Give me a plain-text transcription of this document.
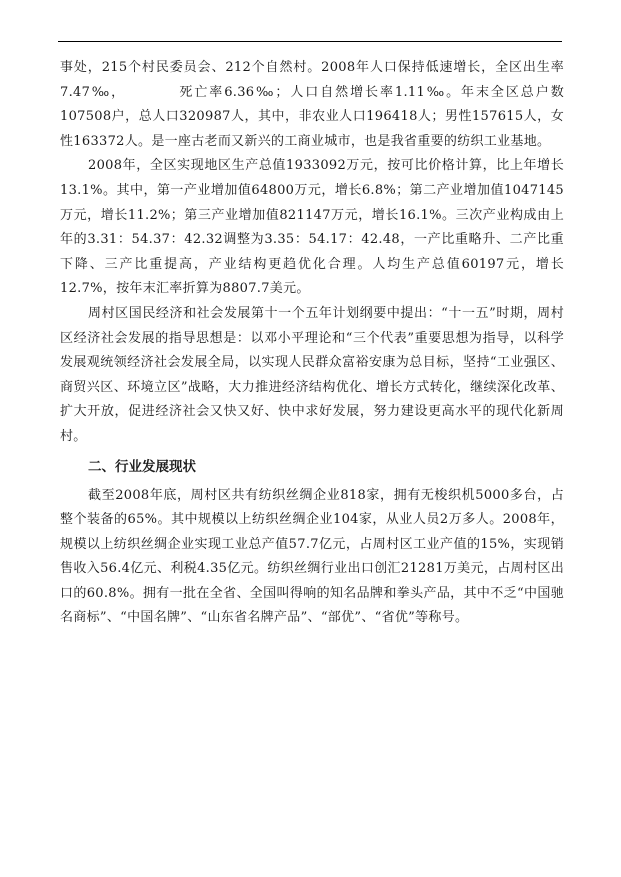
事处，215个村民委员会、212个自然村。2008年人口保持低速增长，全区出生率7.47‰，　　　　死亡率6.36‰；人口自然增长率1.11‰。年末全区总户数107508户，总人口320987人，其中，非农业人口196418人；男性157615人，女性163372人。是一座古老而又新兴的工商业城市，也是我省重要的纺织工业基地。

2008年，全区实现地区生产总值1933092万元，按可比价格计算，比上年增长13.1%。其中，第一产业增加值64800万元，增长6.8%；第二产业增加值1047145万元，增长11.2%；第三产业增加值821147万元，增长16.1%。三次产业构成由上年的3.31：54.37：42.32调整为3.35：54.17：42.48，一产比重略升、二产比重下降、三产比重提高，产业结构更趋优化合理。人均生产总值60197元，增长12.7%，按年末汇率折算为8807.7美元。

周村区国民经济和社会发展第十一个五年计划纲要中提出：“十一五”时期，周村区经济社会发展的指导思想是：以邓小平理论和“三个代表”重要思想为指导，以科学发展观统领经济社会发展全局，以实现人民群众富裕安康为总目标，坚持“工业强区、商贸兴区、环境立区”战略，大力推进经济结构优化、增长方式转化，继续深化改革、扩大开放，促进经济社会又快又好、快中求好发展，努力建设更高水平的现代化新周村。

二、行业发展现状

截至2008年底，周村区共有纺织丝绸企业818家，拥有无梭织机5000多台，占整个装备的65%。其中规模以上纺织丝绸企业104家，从业人员2万多人。2008年，规模以上纺织丝绸企业实现工业总产值57.7亿元，占周村区工业产值的15%，实现销售收入56.4亿元、利税4.35亿元。纺织丝绸行业出口创汇21281万美元，占周村区出口的60.8%。拥有一批在全省、全国叫得响的知名品牌和拳头产品，其中不乏“中国驰名商标”、“中国名牌”、“山东省名牌产品”、“部优”、“省优”等称号。
